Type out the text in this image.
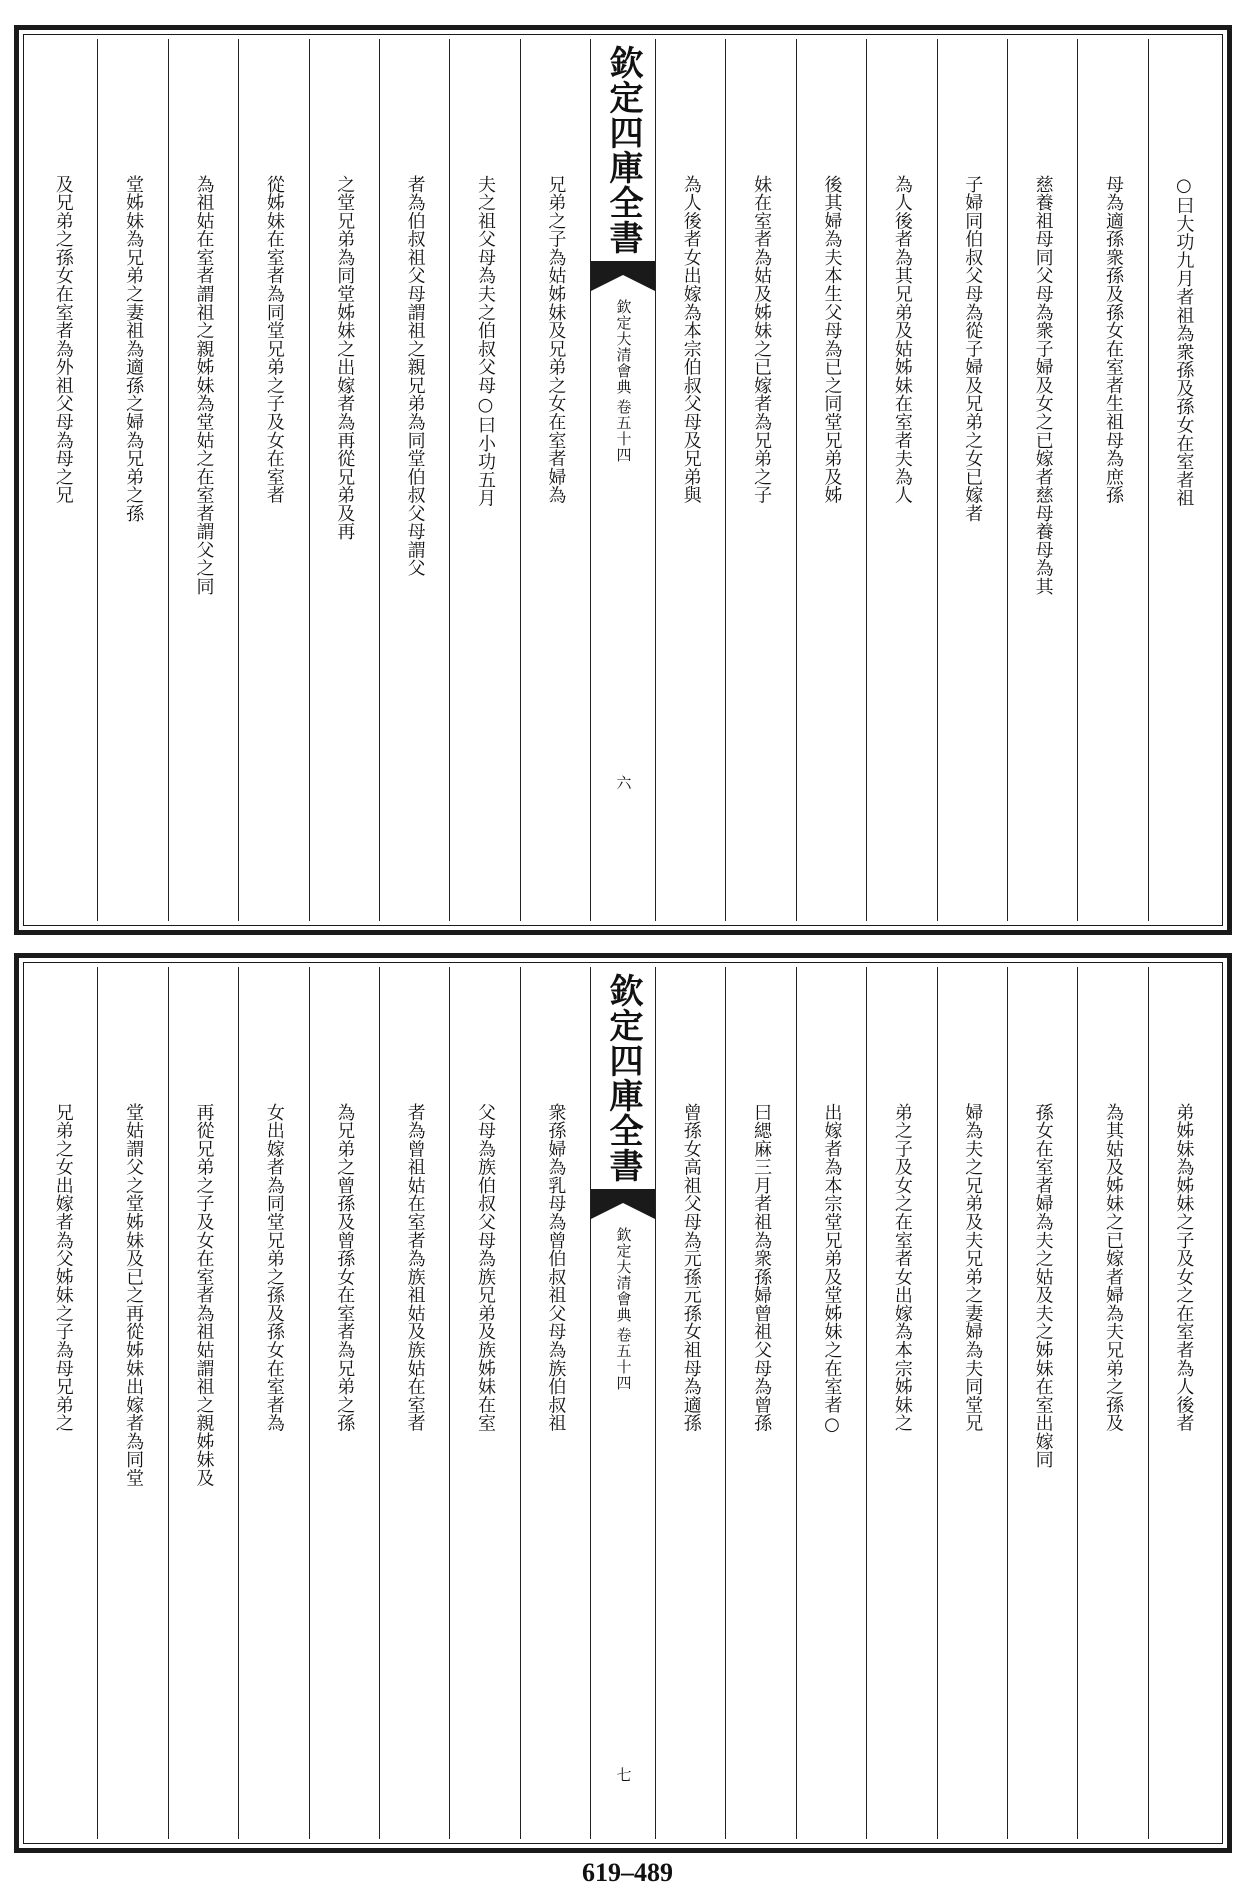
○曰大功九月者祖為衆孫及孫女在室者祖
母為適孫衆孫及孫女在室者生祖母為庶孫
慈養祖母同父母為衆子婦及女之已嫁者慈母養母為其
子婦同伯叔父母為從子婦及兄弟之女已嫁者
為人後者為其兄弟及姑姊妹在室者夫為人
後其婦為夫本生父母為已之同堂兄弟及姊
妹在室者為姑及姊妹之已嫁者為兄弟之子
為人後者女出嫁為本宗伯叔父母及兄弟與
欽定四庫全書
欽定大清會典
卷五十四
六
兄弟之子為姑姊妹及兄弟之女在室者婦為
夫之祖父母為夫之伯叔父母○曰小功五月
者為伯叔祖父母謂祖之親兄弟為同堂伯叔父母謂父
之堂兄弟為同堂姊妹之出嫁者為再從兄弟及再
從姊妹在室者為同堂兄弟之子及女在室者
為祖姑在室者謂祖之親姊妹為堂姑之在室者謂父之同
堂姊妹為兄弟之妻祖為適孫之婦為兄弟之孫
及兄弟之孫女在室者為外祖父母為母之兄
弟姊妹為姊妹之子及女之在室者為人後者
為其姑及姊妹之已嫁者婦為夫兄弟之孫及
孫女在室者婦為夫之姑及夫之姊妹在室出嫁同
婦為夫之兄弟及夫兄弟之妻婦為夫同堂兄
弟之子及女之在室者女出嫁為本宗姊妹之
出嫁者為本宗堂兄弟及堂姊妹之在室者○
曰緦麻三月者祖為衆孫婦曾祖父母為曾孫
曾孫女高祖父母為元孫元孫女祖母為適孫
欽定四庫全書
欽定大清會典
卷五十四
七
衆孫婦為乳母為曾伯叔祖父母為族伯叔祖
父母為族伯叔父母為族兄弟及族姊妹在室
者為曾祖姑在室者為族祖姑及族姑在室者
為兄弟之曾孫及曾孫女在室者為兄弟之孫
女出嫁者為同堂兄弟之孫及孫女在室者為
再從兄弟之子及女在室者為祖姑謂祖之親姊妹及
堂姑謂父之堂姊妹及已之再從姊妹出嫁者為同堂
兄弟之女出嫁者為父姊妹之子為母兄弟之
619–489
